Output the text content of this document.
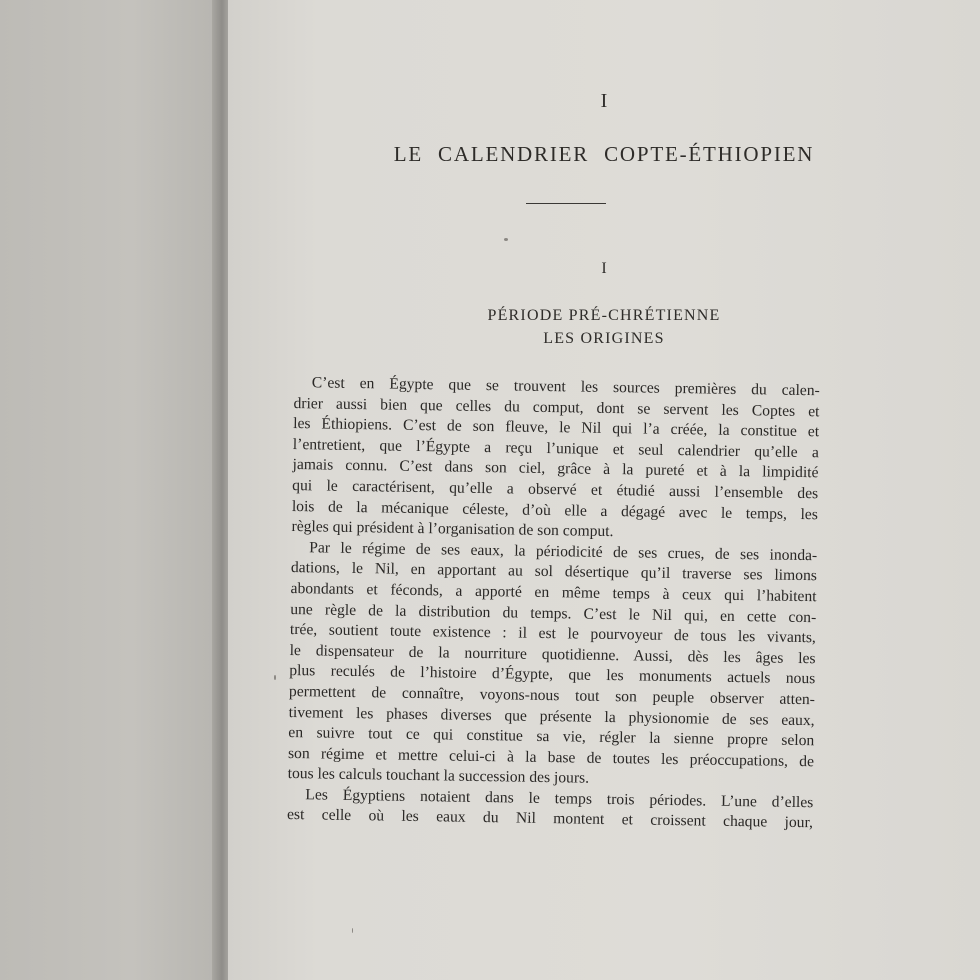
I
LE CALENDRIER COPTE-ÉTHIOPIEN
I
PÉRIODE PRÉ-CHRÉTIENNE
LES ORIGINES
C’est en Égypte que se trouvent les sources premières du calen-
drier aussi bien que celles du comput, dont se servent les Coptes et
les Éthiopiens. C’est de son fleuve, le Nil qui l’a créée, la constitue et
l’entretient, que l’Égypte a reçu l’unique et seul calendrier qu’elle a
jamais connu. C’est dans son ciel, grâce à la pureté et à la limpidité
qui le caractérisent, qu’elle a observé et étudié aussi l’ensemble des
lois de la mécanique céleste, d’où elle a dégagé avec le temps, les
règles qui président à l’organisation de son comput.
Par le régime de ses eaux, la périodicité de ses crues, de ses inonda-
dations, le Nil, en apportant au sol désertique qu’il traverse ses limons
abondants et féconds, a apporté en même temps à ceux qui l’habitent
une règle de la distribution du temps. C’est le Nil qui, en cette con-
trée, soutient toute existence : il est le pourvoyeur de tous les vivants,
le dispensateur de la nourriture quotidienne. Aussi, dès les âges les
plus reculés de l’histoire d’Égypte, que les monuments actuels nous
permettent de connaître, voyons-nous tout son peuple observer atten-
tivement les phases diverses que présente la physionomie de ses eaux,
en suivre tout ce qui constitue sa vie, régler la sienne propre selon
son régime et mettre celui-ci à la base de toutes les préoccupations, de
tous les calculs touchant la succession des jours.
Les Égyptiens notaient dans le temps trois périodes. L’une d’elles
est celle où les eaux du Nil montent et croissent chaque jour,
